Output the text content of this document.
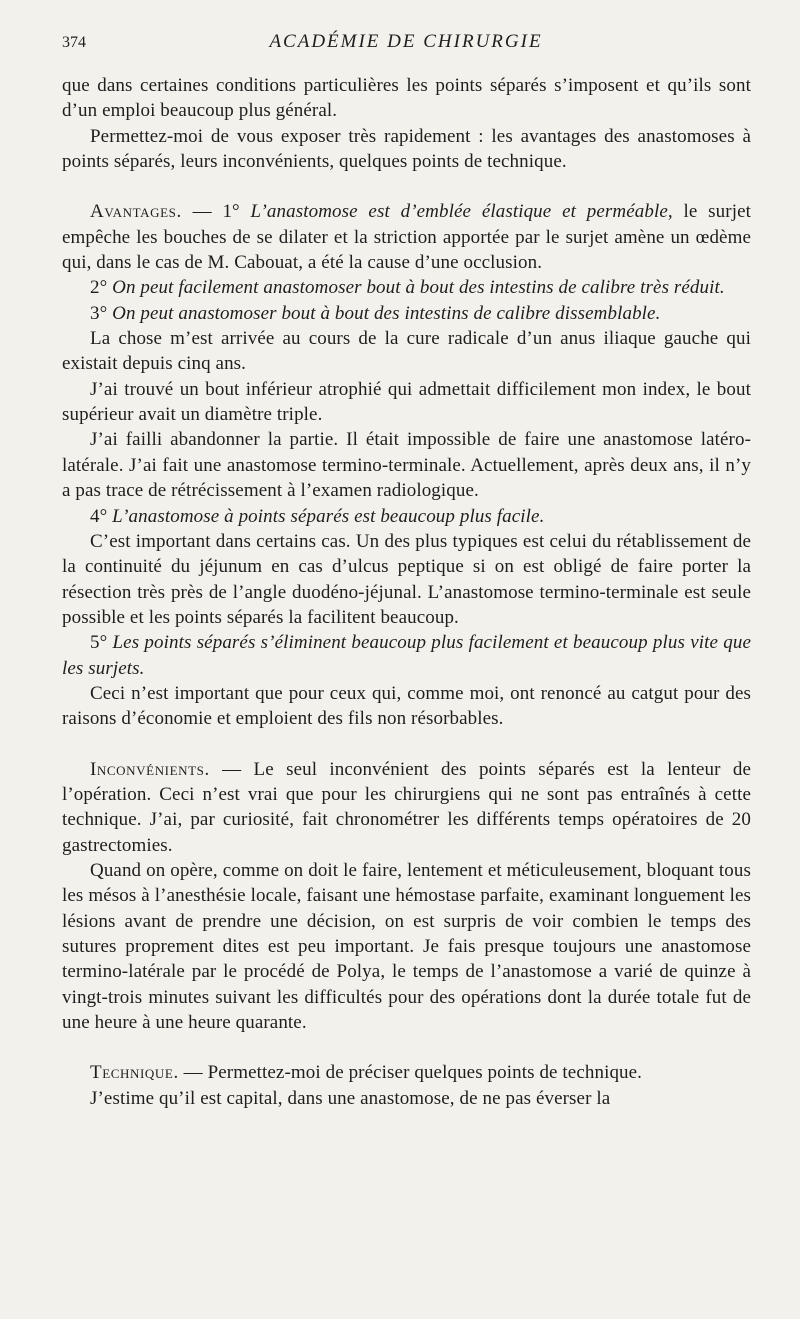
374	ACADÉMIE DE CHIRURGIE

que dans certaines conditions particulières les points séparés s’imposent et qu’ils sont d’un emploi beaucoup plus général.

Permettez-moi de vous exposer très rapidement : les avantages des anastomoses à points séparés, leurs inconvénients, quelques points de technique.

Avantages. — 1° L’anastomose est d’emblée élastique et perméable, le surjet empêche les bouches de se dilater et la striction apportée par le surjet amène un œdème qui, dans le cas de M. Cabouat, a été la cause d’une occlusion.

2° On peut facilement anastomoser bout à bout des intestins de calibre très réduit.

3° On peut anastomoser bout à bout des intestins de calibre dissemblable.

La chose m’est arrivée au cours de la cure radicale d’un anus iliaque gauche qui existait depuis cinq ans.

J’ai trouvé un bout inférieur atrophié qui admettait difficilement mon index, le bout supérieur avait un diamètre triple.

J’ai failli abandonner la partie. Il était impossible de faire une anastomose latéro-latérale. J’ai fait une anastomose termino-terminale. Actuellement, après deux ans, il n’y a pas trace de rétrécissement à l’examen radiologique.

4° L’anastomose à points séparés est beaucoup plus facile.

C’est important dans certains cas. Un des plus typiques est celui du rétablissement de la continuité du jéjunum en cas d’ulcus peptique si on est obligé de faire porter la résection très près de l’angle duodéno-jéjunal. L’anastomose termino-terminale est seule possible et les points séparés la facilitent beaucoup.

5° Les points séparés s’éliminent beaucoup plus facilement et beaucoup plus vite que les surjets.

Ceci n’est important que pour ceux qui, comme moi, ont renoncé au catgut pour des raisons d’économie et emploient des fils non résorbables.

Inconvénients. — Le seul inconvénient des points séparés est la lenteur de l’opération. Ceci n’est vrai que pour les chirurgiens qui ne sont pas entraînés à cette technique. J’ai, par curiosité, fait chronométrer les différents temps opératoires de 20 gastrectomies.

Quand on opère, comme on doit le faire, lentement et méticuleusement, bloquant tous les mésos à l’anesthésie locale, faisant une hémostase parfaite, examinant longuement les lésions avant de prendre une décision, on est surpris de voir combien le temps des sutures proprement dites est peu important. Je fais presque toujours une anastomose termino-latérale par le procédé de Polya, le temps de l’anastomose a varié de quinze à vingt-trois minutes suivant les difficultés pour des opérations dont la durée totale fut de une heure à une heure quarante.

Technique. — Permettez-moi de préciser quelques points de technique.

J’estime qu’il est capital, dans une anastomose, de ne pas éverser la
